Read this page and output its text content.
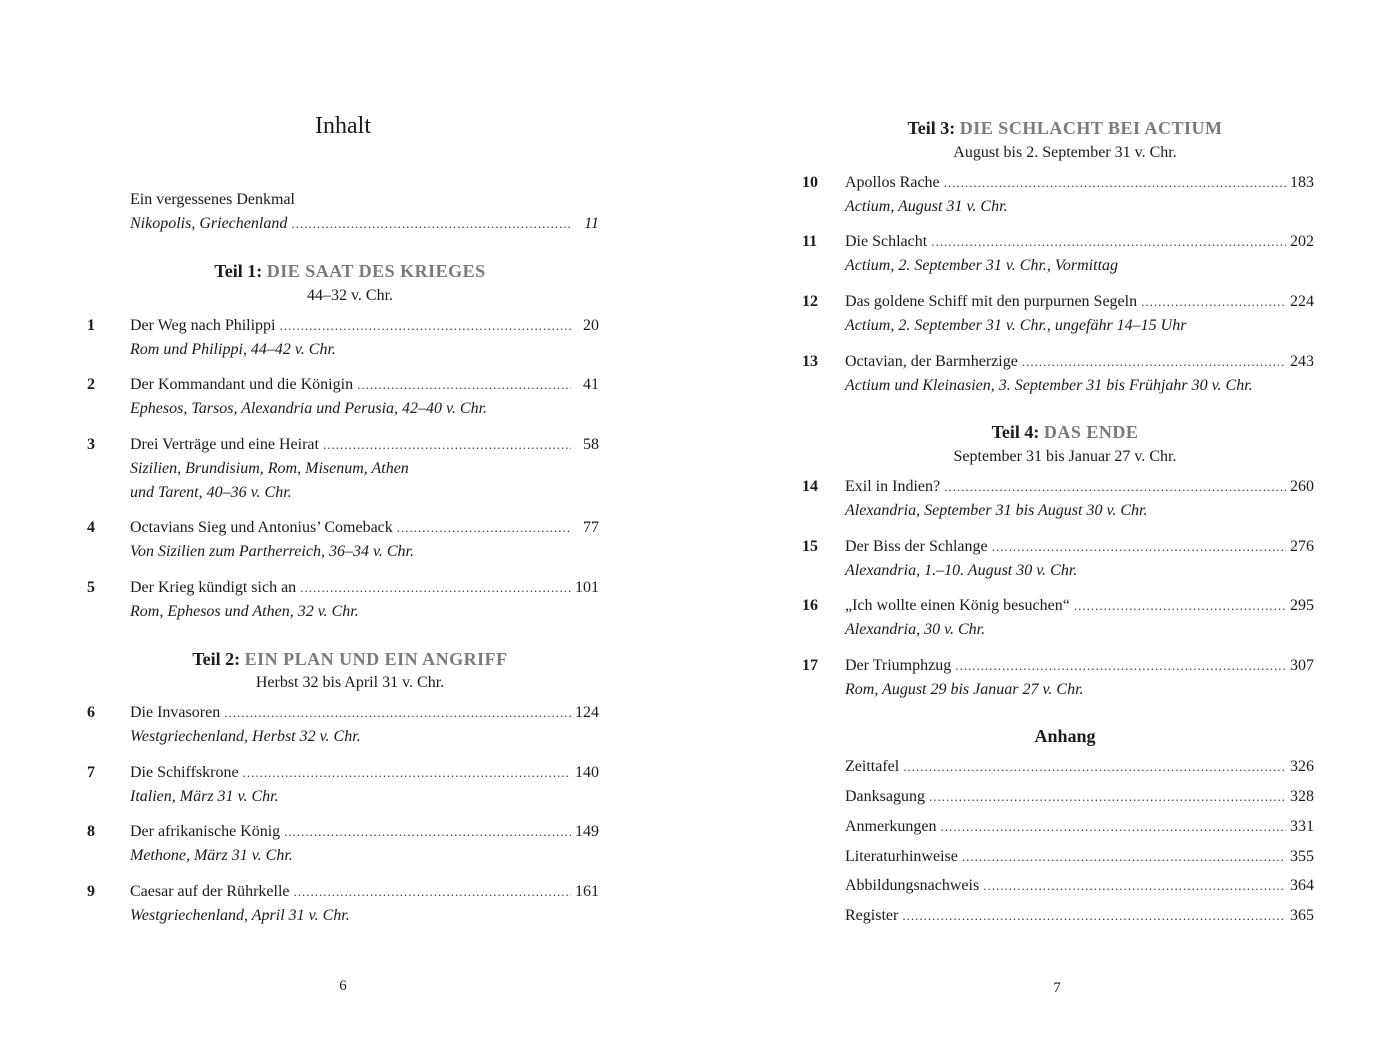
Inhalt
Ein vergessenes Denkmal
Nikopolis, Griechenland .....	11
Teil 1: DIE SAAT DES KRIEGES
44–32 v. Chr.
1 Der Weg nach Philippi .....	20
Rom und Philippi, 44–42 v. Chr.
2 Der Kommandant und die Königin .....	41
Ephesos, Tarsos, Alexandria und Perusia, 42–40 v. Chr.
3 Drei Verträge und eine Heirat .....	58
Sizilien, Brundisium, Rom, Misenum, Athen
und Tarent, 40–36 v. Chr.
4 Octavians Sieg und Antonius’ Comeback .....	77
Von Sizilien zum Partherreich, 36–34 v. Chr.
5 Der Krieg kündigt sich an .....	101
Rom, Ephesos und Athen, 32 v. Chr.
Teil 2: EIN PLAN UND EIN ANGRIFF
Herbst 32 bis April 31 v. Chr.
6 Die Invasoren .....	124
Westgriechenland, Herbst 32 v. Chr.
7 Die Schiffskrone .....	140
Italien, März 31 v. Chr.
8 Der afrikanische König .....	149
Methone, März 31 v. Chr.
9 Caesar auf der Rührkelle .....	161
Westgriechenland, April 31 v. Chr.
6
Teil 3: DIE SCHLACHT BEI ACTIUM
August bis 2. September 31 v. Chr.
10 Apollos Rache .....	183
Actium, August 31 v. Chr.
11 Die Schlacht .....	202
Actium, 2. September 31 v. Chr., Vormittag
12 Das goldene Schiff mit den purpurnen Segeln .....	224
Actium, 2. September 31 v. Chr., ungefähr 14–15 Uhr
13 Octavian, der Barmherzige .....	243
Actium und Kleinasien, 3. September 31 bis Frühjahr 30 v. Chr.
Teil 4: DAS ENDE
September 31 bis Januar 27 v. Chr.
14 Exil in Indien? .....	260
Alexandria, September 31 bis August 30 v. Chr.
15 Der Biss der Schlange .....	276
Alexandria, 1.–10. August 30 v. Chr.
16 „Ich wollte einen König besuchen“ .....	295
Alexandria, 30 v. Chr.
17 Der Triumphzug .....	307
Rom, August 29 bis Januar 27 v. Chr.
Anhang
Zeittafel .....	326
Danksagung .....	328
Anmerkungen .....	331
Literaturhinweise .....	355
Abbildungsnachweis .....	364
Register .....	365
7
